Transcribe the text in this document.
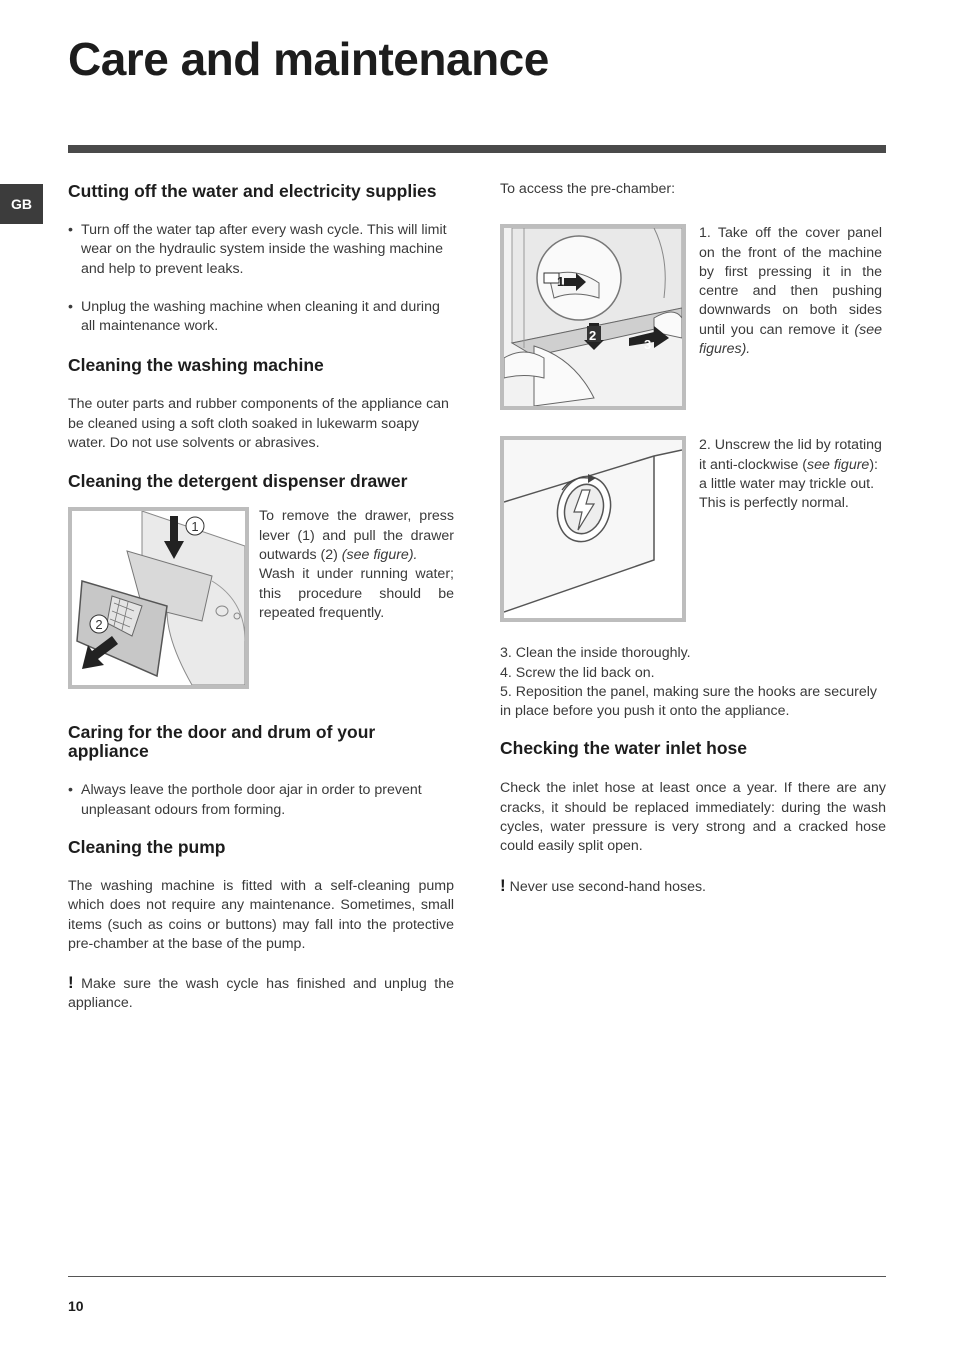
Care and maintenance
GB
Cutting off the water and electricity supplies
• Turn off the water tap after every wash cycle. This will limit wear on the hydraulic system inside the washing machine and help to prevent leaks.
• Unplug the washing machine when cleaning it and during all maintenance work.
Cleaning the washing machine

The outer parts and rubber components of the appliance can be cleaned using a soft cloth soaked in lukewarm soapy water. Do not use solvents or abrasives.

Cleaning the detergent dispenser drawer
1
2

To remove the drawer, press lever (1) and pull the drawer outwards (2) (see figure).

Wash it under running water; this procedure should be repeated frequently.

Caring for the door and drum of your appliance
• Always leave the porthole door ajar in order to prevent unpleasant odours from forming.
Cleaning the pump

The washing machine is fitted with a self-cleaning pump which does not require any maintenance. Sometimes, small items (such as coins or buttons) may fall into the protective pre-chamber at the base of the pump.

! Make sure the wash cycle has finished and unplug the appliance.

To access the pre-chamber:

1
2
3

1. Take off the cover panel on the front of the machine by first pressing it in the centre and then pushing downwards on both sides until you can remove it (see figures).

2. Unscrew the lid by rotating it anti-clockwise (see figure): a little water may trickle out. This is perfectly normal.

3. Clean the inside thoroughly.

4. Screw the lid back on.

5. Reposition the panel, making sure the hooks are securely in place before you push it onto the appliance.

Checking the water inlet hose

Check the inlet hose at least once a year. If there are any cracks, it should be replaced immediately: during the wash cycles, water pressure is very strong and a cracked hose could easily split open.

! Never use second-hand hoses.

10
